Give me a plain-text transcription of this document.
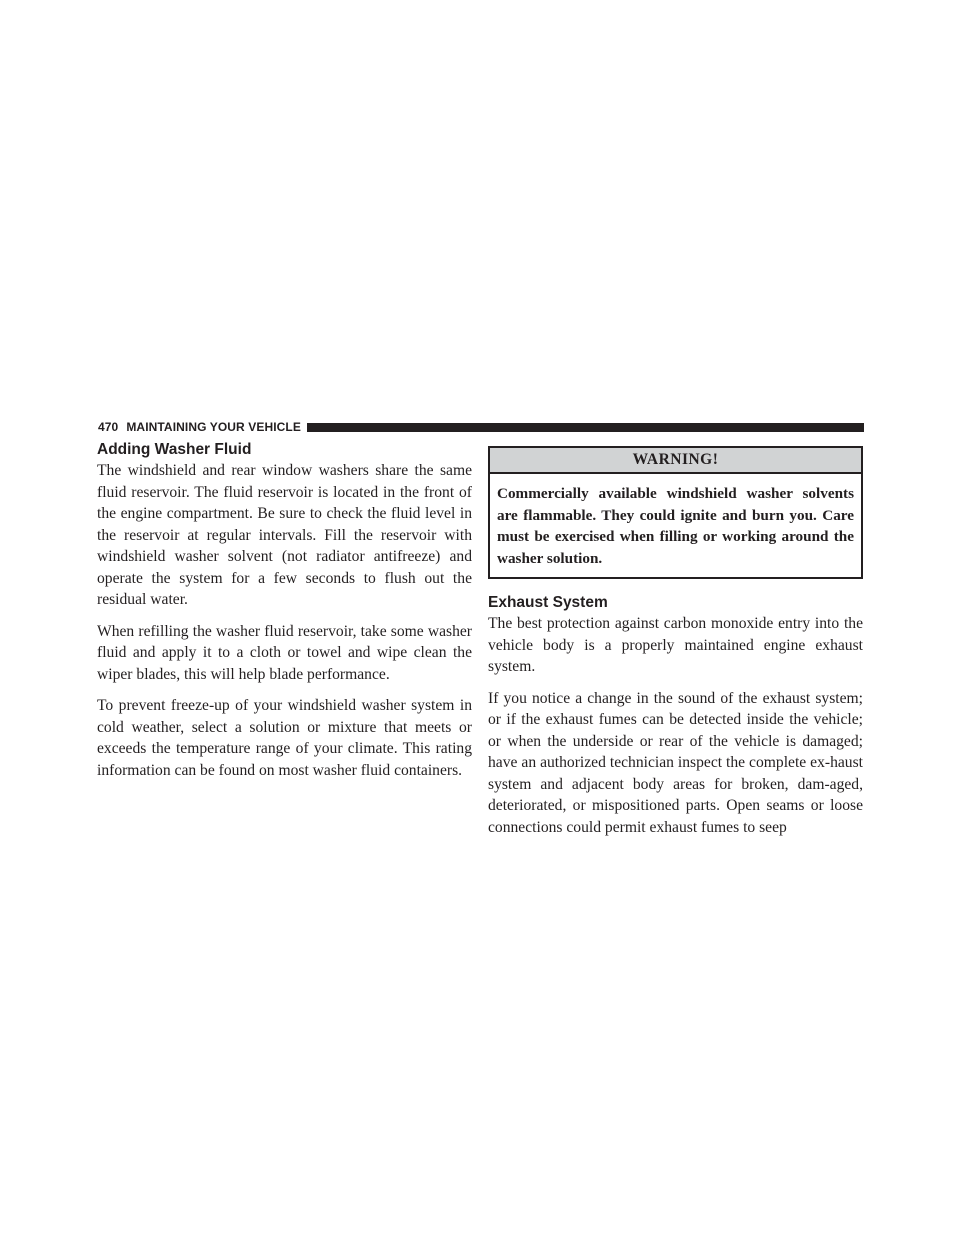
470 MAINTAINING YOUR VEHICLE
Adding Washer Fluid

The windshield and rear window washers share the same fluid reservoir. The fluid reservoir is located in the front of the engine compartment. Be sure to check the fluid level in the reservoir at regular intervals. Fill the reservoir with windshield washer solvent (not radiator antifreeze) and operate the system for a few seconds to flush out the residual water.

When refilling the washer fluid reservoir, take some washer fluid and apply it to a cloth or towel and wipe clean the wiper blades, this will help blade performance.

To prevent freeze-up of your windshield washer system in cold weather, select a solution or mixture that meets or exceeds the temperature range of your climate. This rating information can be found on most washer fluid containers.

WARNING!
Commercially available windshield washer solvents are flammable. They could ignite and burn you. Care must be exercised when filling or working around the washer solution.
Exhaust System

The best protection against carbon monoxide entry into the vehicle body is a properly maintained engine exhaust system.

If you notice a change in the sound of the exhaust system; or if the exhaust fumes can be detected inside the vehicle; or when the underside or rear of the vehicle is damaged; have an authorized technician inspect the complete ex-haust system and adjacent body areas for broken, dam-aged, deteriorated, or mispositioned parts. Open seams or loose connections could permit exhaust fumes to seep
